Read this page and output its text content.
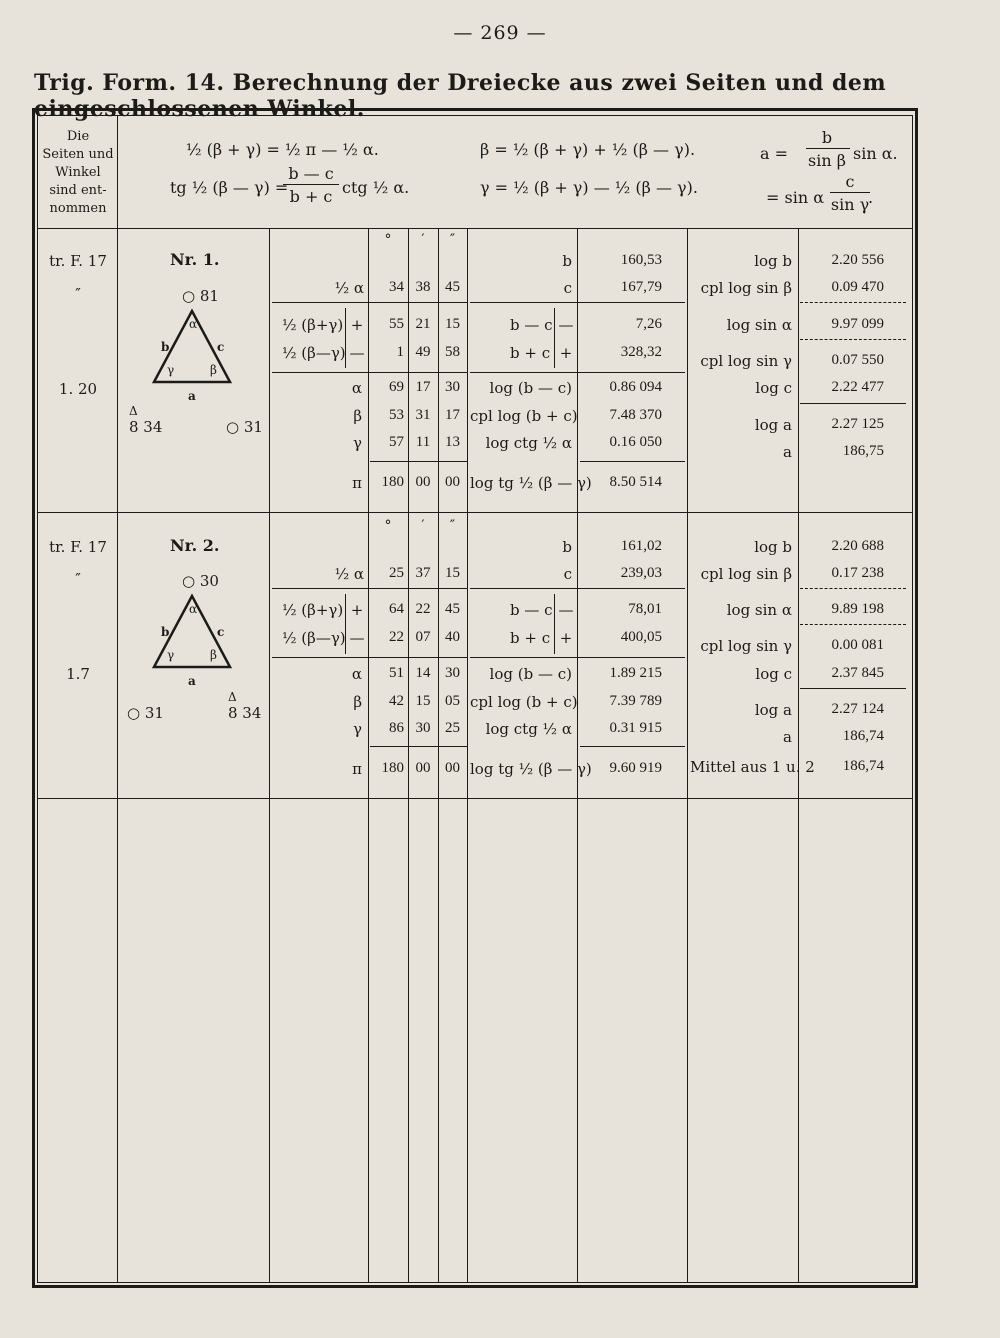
— 269 —
Trig. Form. 14. Berechnung der Dreiecke aus zwei Seiten und dem eingeschlossenen Winkel.
Die
Seiten und
Winkel
sind ent-
nommen
½ (β + γ) = ½ π — ½ α.
tg ½ (β — γ) =
b — c
b + c ctg ½ α.
β = ½ (β + γ) + ½ (β — γ).
γ = ½ (β + γ) — ½ (β — γ).
a =
b
sin β sin α.
= sin α
c
sin γ
.
tr. F. 17
″
1. 20
Nr. 1.
○ 81
α
b	c
γ	β
a
Δ
8 34	○ 31
°	′	″
½ α	34 38 45
½ (β+γ) +	55 21 15
½ (β—γ) —	1 49 58
α	69 17 30
β	53 31 17
γ	57 11 13
π	180 00 00
b	160,53
c	167,79
b — c —	7,26
b + c +	328,32
log (b — c)	0.86 094
cpl log (b + c)	7.48 370
log ctg ½ α	0.16 050
log tg ½ (β — γ)	8.50 514
log b	2.20 556
cpl log sin β	0.09 470
log sin α	9.97 099
cpl log sin γ	0.07 550
log c	2.22 477
log a	2.27 125
a	186,75
tr. F. 17
″
1.7
Nr. 2.
○ 30
α
b	c
γ	β
a
○ 31
Δ
8 34
°	′	″
½ α	25 37 15
½ (β+γ) +	64 22 45
½ (β—γ) —	22 07 40
α	51 14 30
β	42 15 05
γ	86 30 25
π	180 00 00
b	161,02
c	239,03
b — c —	78,01
b + c +	400,05
log (b — c)	1.89 215
cpl log (b + c)	7.39 789
log ctg ½ α	0.31 915
log tg ½ (β — γ)	9.60 919
log b	2.20 688
cpl log sin β	0.17 238
log sin α	9.89 198
cpl log sin γ	0.00 081
log c	2.37 845
log a	2.27 124
a	186,74
Mittel aus 1 u. 2	186,74
